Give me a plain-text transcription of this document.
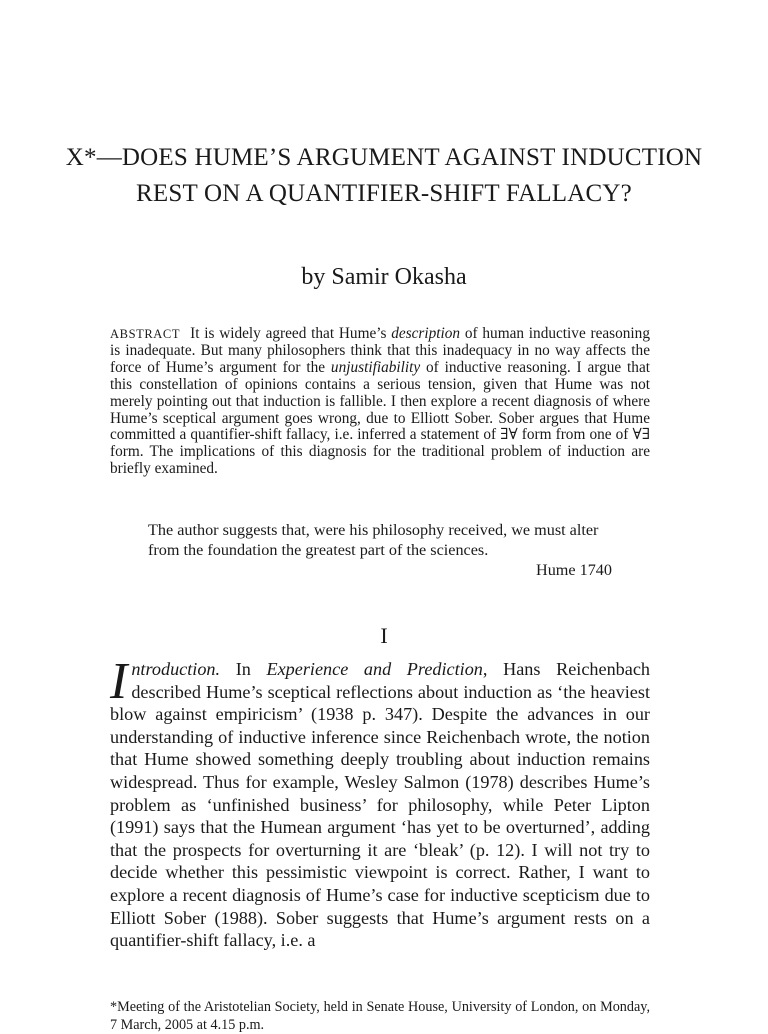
X*—DOES HUME’S ARGUMENT AGAINST INDUCTION REST ON A QUANTIFIER-SHIFT FALLACY?
by Samir Okasha
ABSTRACT It is widely agreed that Hume’s description of human inductive reasoning is inadequate. But many philosophers think that this inadequacy in no way affects the force of Hume’s argument for the unjustifiability of inductive reasoning. I argue that this constellation of opinions contains a serious tension, given that Hume was not merely pointing out that induction is fallible. I then explore a recent diagnosis of where Hume’s sceptical argument goes wrong, due to Elliott Sober. Sober argues that Hume committed a quantifier-shift fallacy, i.e. inferred a statement of ∃∀ form from one of ∀∃ form. The implications of this diagnosis for the traditional problem of induction are briefly examined.
The author suggests that, were his philosophy received, we must alter from the foundation the greatest part of the sciences.
Hume 1740
I
Introduction. In Experience and Prediction, Hans Reichenbach described Hume’s sceptical reflections about induction as ‘the heaviest blow against empiricism’ (1938 p. 347). Despite the advances in our understanding of inductive inference since Reichenbach wrote, the notion that Hume showed something deeply troubling about induction remains widespread. Thus for example, Wesley Salmon (1978) describes Hume’s problem as ‘unfinished business’ for philosophy, while Peter Lipton (1991) says that the Humean argument ‘has yet to be overturned’, adding that the prospects for overturning it are ‘bleak’ (p. 12). I will not try to decide whether this pessimistic viewpoint is correct. Rather, I want to explore a recent diagnosis of Hume’s case for inductive scepticism due to Elliott Sober (1988). Sober suggests that Hume’s argument rests on a quantifier-shift fallacy, i.e. a
*Meeting of the Aristotelian Society, held in Senate House, University of London, on Monday, 7 March, 2005 at 4.15 p.m.
